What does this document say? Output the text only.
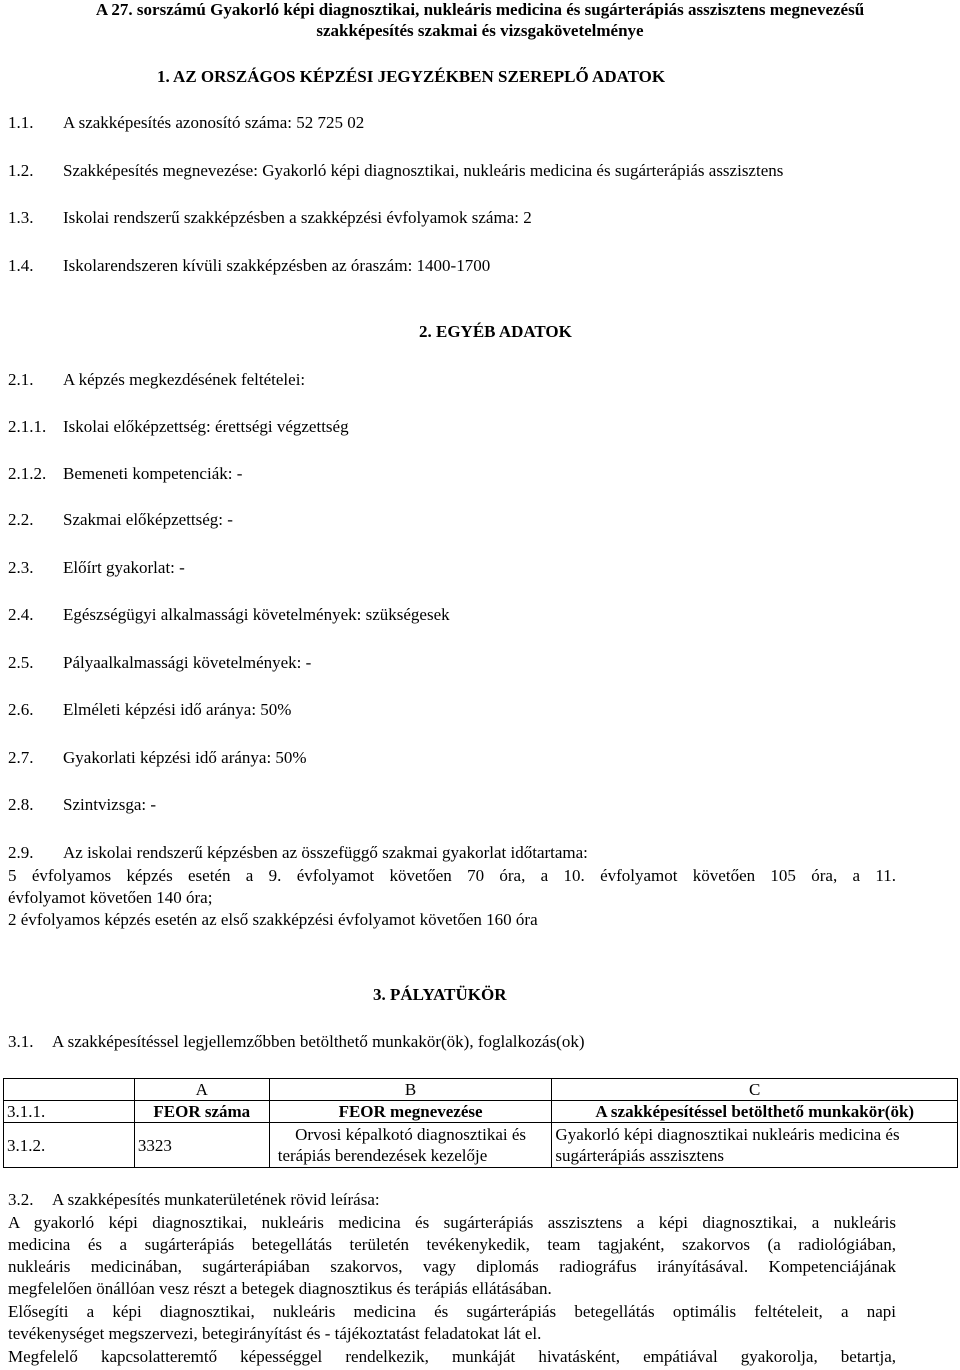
A 27. sorszámú Gyakorló képi diagnosztikai, nukleáris medicina és sugárterápiás asszisztens megnevezésű
szakképesítés szakmai és vizsgakövetelménye
1. AZ ORSZÁGOS KÉPZÉSI JEGYZÉKBEN SZEREPLŐ ADATOK
1.1. A szakképesítés azonosító száma: 52 725 02
1.2. Szakképesítés megnevezése: Gyakorló képi diagnosztikai, nukleáris medicina és sugárterápiás asszisztens
1.3. Iskolai rendszerű szakképzésben a szakképzési évfolyamok száma: 2
1.4. Iskolarendszeren kívüli szakképzésben az óraszám: 1400-1700
2. EGYÉB ADATOK
2.1. A képzés megkezdésének feltételei:
2.1.1. Iskolai előképzettség: érettségi végzettség
2.1.2. Bemeneti kompetenciák: -
2.2. Szakmai előképzettség: -
2.3. Előírt gyakorlat: -
2.4. Egészségügyi alkalmassági követelmények: szükségesek
2.5. Pályaalkalmassági követelmények: -
2.6. Elméleti képzési idő aránya: 50%
2.7. Gyakorlati képzési idő aránya: 50%
2.8. Szintvizsga: -
2.9. Az iskolai rendszerű képzésben az összefüggő szakmai gyakorlat időtartama:
5 évfolyamos képzés esetén a 9. évfolyamot követően 70 óra, a 10. évfolyamot követően 105 óra, a 11.
évfolyamot követően 140 óra;
2 évfolyamos képzés esetén az első szakképzési évfolyamot követően 160 óra
3. PÁLYATÜKÖR
3.1. A szakképesítéssel legjellemzőbben betölthető munkakör(ök), foglalkozás(ok)
	A	B	C
3.1.1.	FEOR száma	FEOR megnevezése	A szakképesítéssel betölthető munkakör(ök)
3.1.2.	3323	Orvosi képalkotó diagnosztikai és
terápiás berendezések kezelője	Gyakorló képi diagnosztikai nukleáris medicina és
sugárterápiás asszisztens
3.2. A szakképesítés munkaterületének rövid leírása:
A gyakorló képi diagnosztikai, nukleáris medicina és sugárterápiás asszisztens a képi diagnosztikai, a nukleáris
medicina és a sugárterápiás betegellátás területén tevékenykedik, team tagjaként, szakorvos (a radiológiában,
nukleáris medicinában, sugárterápiában szakorvos, vagy diplomás radiográfus irányításával. Kompetenciájának
megfelelően önállóan vesz részt a betegek diagnosztikus és terápiás ellátásában.
Elősegíti a képi diagnosztikai, nukleáris medicina és sugárterápiás betegellátás optimális feltételeit, a napi
tevékenységet megszervezi, betegirányítást és - tájékoztatást feladatokat lát el.
Megfelelő kapcsolatteremtő képességgel rendelkezik, munkáját hivatásként, empátiával gyakorolja, betartja,
